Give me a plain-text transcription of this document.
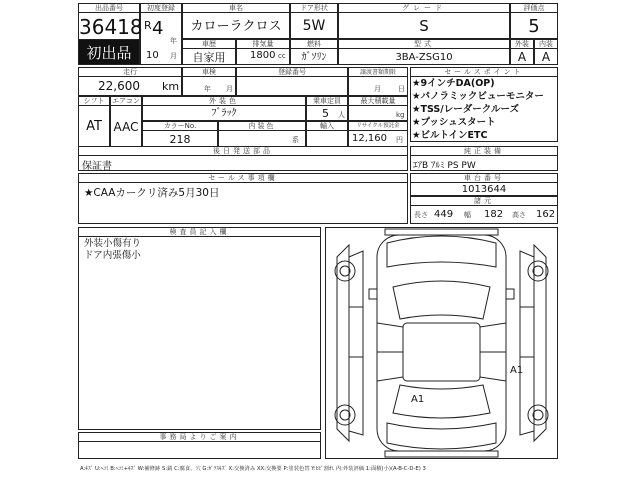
出品番号
36418
初出品
初度登録
R 4
年
10 月
車名
カローラクロス
ドア形状
5W
グレード
S
評価点
5
車歴
自家用
排気量
1800 cc
燃料
ｶﾞｿﾘﾝ
型式
3BA-ZSG10
外装	内装
A	A
走行
22,600 km
車検
年 月
登録番号	譲渡書類期限
月 日
シフト
AT
エアコン
AAC
外装色
ﾌﾞﾗｯｸ
カラーNo.	内装色
218	系
乗車定員
5 人
最大積載量
kg
輸入	リサイクル預託金
12,160 円
セールスポイント
★9インチDA(OP)
★パノラミックビューモニター
★TSS/レーダークルーズ
★プッシュスタート
★ビルトインETC
後日発送部品
保証書
純正装備
ｴｱB ｱﾙﾐ PS PW
セールス事項欄
★CAAカークリ済み5月30日
車台番号
1013644
諸元
長さ 449 幅 182 高さ 162
検査員記入欄
外装小傷有り
ドア内張傷小
事務局よりご案内
A1
A1
A:ｷｽﾞ U:ﾍｺﾐ B:ﾍｺﾐ+ｷｽﾞ W:補修跡 S:錆 C:腐食、穴 G:ｶﾞﾗｽｷｽﾞ X:交換済み XX:交換要 P:塗装色替 Y:ﾋﾋﾞ割れ 内:外装評価 1:面積(小)(A-B-C-D-E) 3
